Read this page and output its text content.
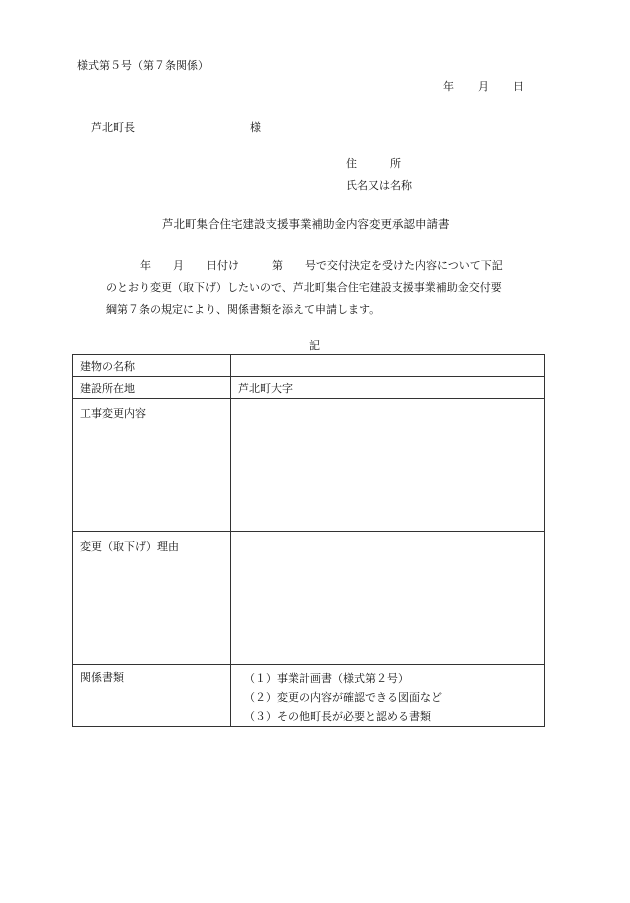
様式第５号（第７条関係）
年 月 日
芦北町長	様
住　　　所
氏名又は名称
芦北町集合住宅建設支援事業補助金内容変更承認申請書
年　　月　　日付け　　　第　　号で交付決定を受けた内容について下記
のとおり変更（取下げ）したいので、芦北町集合住宅建設支援事業補助金交付要
綱第７条の規定により、関係書類を添えて申請します。
記
建物の名称	
建設所在地	芦北町大字
工事変更内容	
変更（取下げ）理由	
関係書類	（１）事業計画書（様式第２号）
（２）変更の内容が確認できる図面など
（３）その他町長が必要と認める書類
